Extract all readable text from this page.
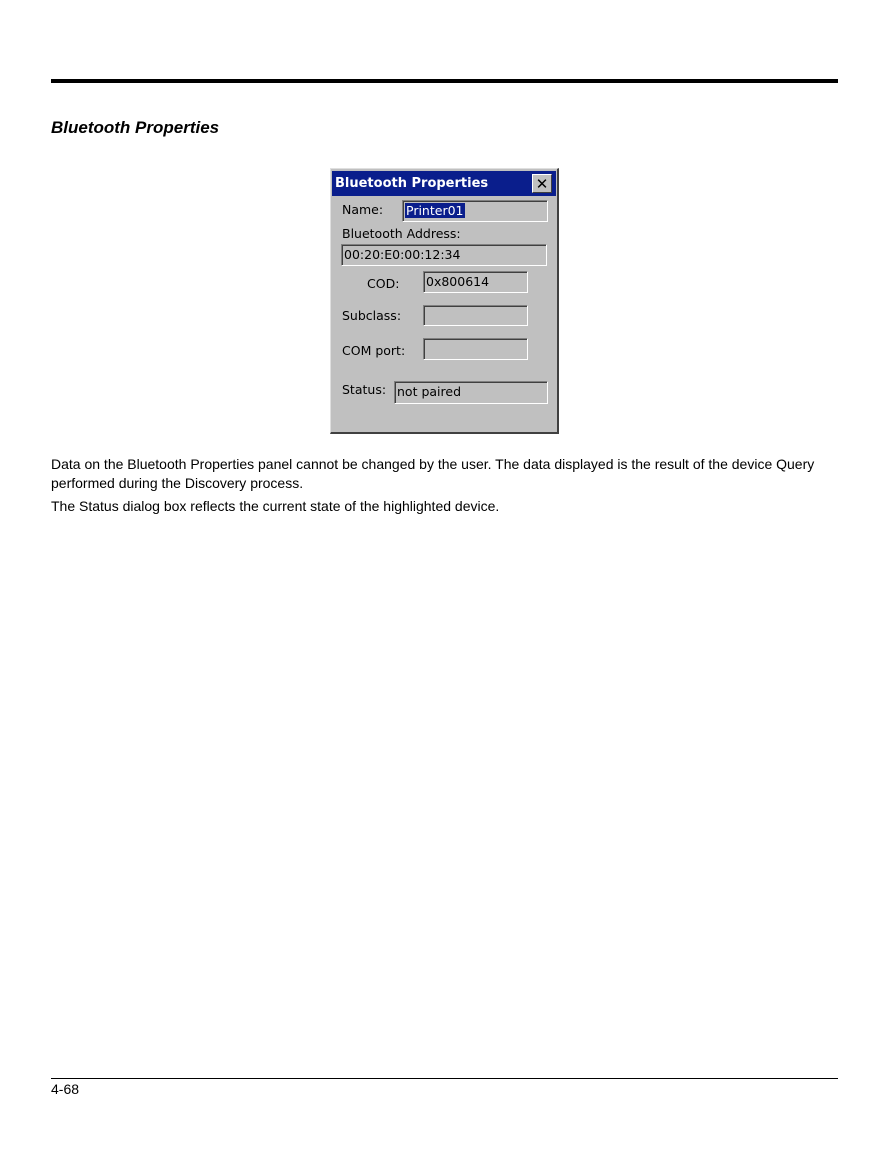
Bluetooth Properties
Bluetooth Properties	✕
Name:	Printer01
Bluetooth Address:
00:20:E0:00:12:34
COD: 0x800614
Subclass:
COM port:
Status: not paired

Data on the Bluetooth Properties panel cannot be changed by the user. The data displayed is the result of the device Query performed during the Discovery process.

The Status dialog box reflects the current state of the highlighted device.

4-68
